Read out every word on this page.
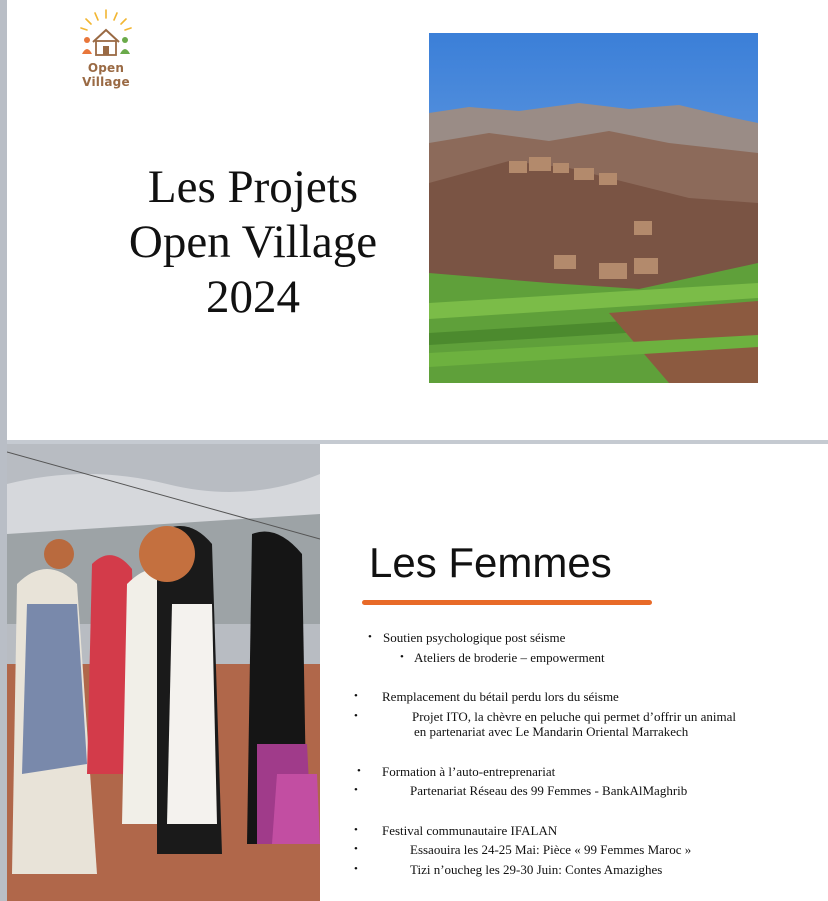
Open Village
Les Projets
Open Village
2024
Les Femmes
• Soutien psychologique post séisme
• Ateliers de broderie – empowerment
• Remplacement du bétail perdu lors du séisme
•	Projet ITO, la chèvre en peluche qui permet d’offrir un animal
en partenariat avec Le Mandarin Oriental Marrakech
• Formation à l’auto-entreprenariat
•	Partenariat Réseau des 99 Femmes - BankAlMaghrib
• Festival communautaire IFALAN
•	Essaouira les 24-25 Mai: Pièce « 99 Femmes Maroc »
•	Tizi n’oucheg les 29-30 Juin: Contes Amazighes
